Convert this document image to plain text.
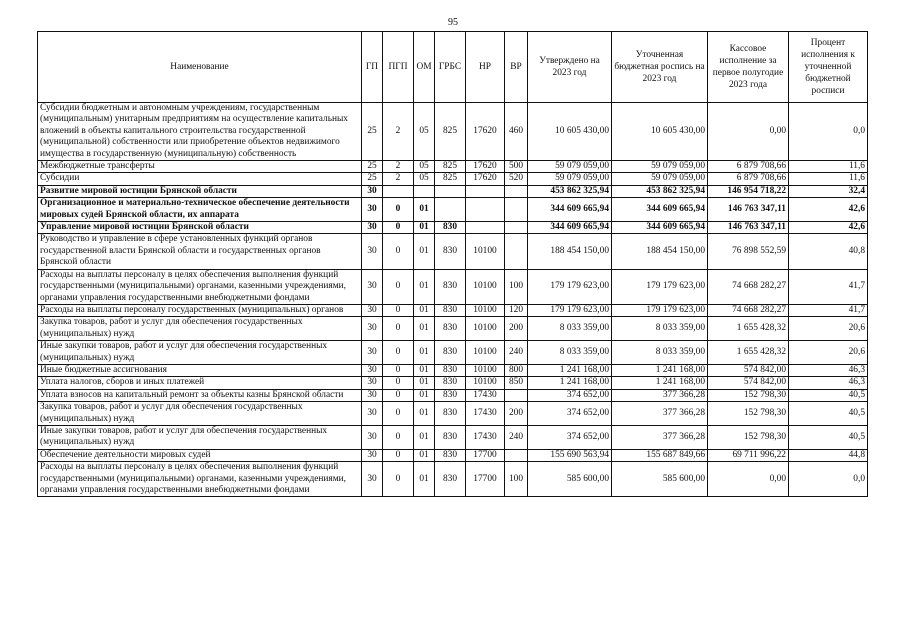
95
Наименование	ГП	ПГП	ОМ	ГРБС	НР	ВР	Утверждено на 2023 год	Уточненная бюджетная роспись на 2023 год	Кассовое исполнение за первое полугодие 2023 года	Процент исполнения к уточненной бюджетной росписи
Субсидии бюджетным и автономным учреждениям, государственным (муниципальным) унитарным предприятиям на осуществление капитальных вложений в объекты капитального строительства государственной (муниципальной) собственности или приобретение объектов недвижимого имущества в государственную (муниципальную) собственность	25	2	05	825	17620	460	10 605 430,00	10 605 430,00	0,00	0,0
Межбюджетные трансферты	25	2	05	825	17620	500	59 079 059,00	59 079 059,00	6 879 708,66	11,6
Субсидии	25	2	05	825	17620	520	59 079 059,00	59 079 059,00	6 879 708,66	11,6
Развитие мировой юстиции Брянской области	30						453 862 325,94	453 862 325,94	146 954 718,22	32,4
Организационное и материально-техническое обеспечение деятельности мировых судей Брянской области, их аппарата	30	0	01				344 609 665,94	344 609 665,94	146 763 347,11	42,6
Управление мировой юстиции Брянской области	30	0	01	830			344 609 665,94	344 609 665,94	146 763 347,11	42,6
Руководство и управление в сфере установленных функций органов государственной власти Брянской области и государственных органов Брянской области	30	0	01	830	10100		188 454 150,00	188 454 150,00	76 898 552,59	40,8
Расходы на выплаты персоналу в целях обеспечения выполнения функций государственными (муниципальными) органами, казенными учреждениями, органами управления государственными внебюджетными фондами	30	0	01	830	10100	100	179 179 623,00	179 179 623,00	74 668 282,27	41,7
Расходы на выплаты персоналу государственных (муниципальных) органов	30	0	01	830	10100	120	179 179 623,00	179 179 623,00	74 668 282,27	41,7
Закупка товаров, работ и услуг для обеспечения государственных (муниципальных) нужд	30	0	01	830	10100	200	8 033 359,00	8 033 359,00	1 655 428,32	20,6
Иные закупки товаров, работ и услуг для обеспечения государственных (муниципальных) нужд	30	0	01	830	10100	240	8 033 359,00	8 033 359,00	1 655 428,32	20,6
Иные бюджетные ассигнования	30	0	01	830	10100	800	1 241 168,00	1 241 168,00	574 842,00	46,3
Уплата налогов, сборов и иных платежей	30	0	01	830	10100	850	1 241 168,00	1 241 168,00	574 842,00	46,3
Уплата взносов на капитальный ремонт за объекты казны Брянской области	30	0	01	830	17430		374 652,00	377 366,28	152 798,30	40,5
Закупка товаров, работ и услуг для обеспечения государственных (муниципальных) нужд	30	0	01	830	17430	200	374 652,00	377 366,28	152 798,30	40,5
Иные закупки товаров, работ и услуг для обеспечения государственных (муниципальных) нужд	30	0	01	830	17430	240	374 652,00	377 366,28	152 798,30	40,5
Обеспечение деятельности мировых судей	30	0	01	830	17700		155 690 563,94	155 687 849,66	69 711 996,22	44,8
Расходы на выплаты персоналу в целях обеспечения выполнения функций государственными (муниципальными) органами, казенными учреждениями, органами управления государственными внебюджетными фондами	30	0	01	830	17700	100	585 600,00	585 600,00	0,00	0,0
